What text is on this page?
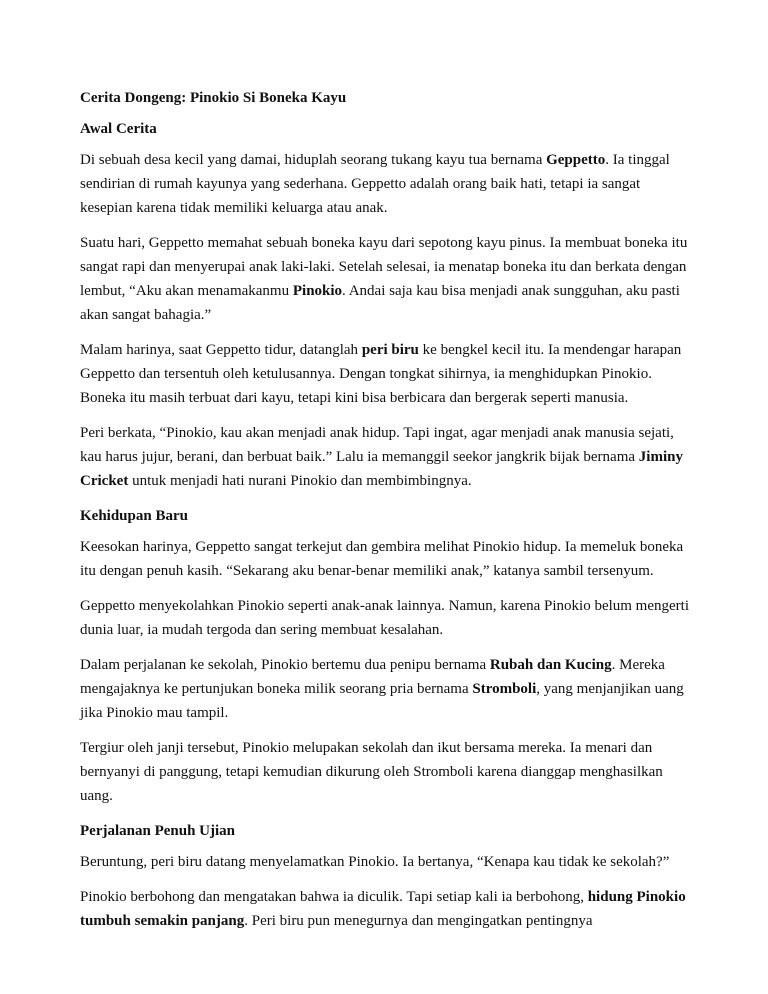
Cerita Dongeng: Pinokio Si Boneka Kayu
Awal Cerita

Di sebuah desa kecil yang damai, hiduplah seorang tukang kayu tua bernama Geppetto. Ia tinggal sendirian di rumah kayunya yang sederhana. Geppetto adalah orang baik hati, tetapi ia sangat kesepian karena tidak memiliki keluarga atau anak.

Suatu hari, Geppetto memahat sebuah boneka kayu dari sepotong kayu pinus. Ia membuat boneka itu sangat rapi dan menyerupai anak laki-laki. Setelah selesai, ia menatap boneka itu dan berkata dengan lembut, “Aku akan menamakanmu Pinokio. Andai saja kau bisa menjadi anak sungguhan, aku pasti akan sangat bahagia.”

Malam harinya, saat Geppetto tidur, datanglah peri biru ke bengkel kecil itu. Ia mendengar harapan Geppetto dan tersentuh oleh ketulusannya. Dengan tongkat sihirnya, ia menghidupkan Pinokio. Boneka itu masih terbuat dari kayu, tetapi kini bisa berbicara dan bergerak seperti manusia.

Peri berkata, “Pinokio, kau akan menjadi anak hidup. Tapi ingat, agar menjadi anak manusia sejati, kau harus jujur, berani, dan berbuat baik.” Lalu ia memanggil seekor jangkrik bijak bernama Jiminy Cricket untuk menjadi hati nurani Pinokio dan membimbingnya.

Kehidupan Baru

Keesokan harinya, Geppetto sangat terkejut dan gembira melihat Pinokio hidup. Ia memeluk boneka itu dengan penuh kasih. “Sekarang aku benar-benar memiliki anak,” katanya sambil tersenyum.

Geppetto menyekolahkan Pinokio seperti anak-anak lainnya. Namun, karena Pinokio belum mengerti dunia luar, ia mudah tergoda dan sering membuat kesalahan.

Dalam perjalanan ke sekolah, Pinokio bertemu dua penipu bernama Rubah dan Kucing. Mereka mengajaknya ke pertunjukan boneka milik seorang pria bernama Stromboli, yang menjanjikan uang jika Pinokio mau tampil.

Tergiur oleh janji tersebut, Pinokio melupakan sekolah dan ikut bersama mereka. Ia menari dan bernyanyi di panggung, tetapi kemudian dikurung oleh Stromboli karena dianggap menghasilkan uang.

Perjalanan Penuh Ujian

Beruntung, peri biru datang menyelamatkan Pinokio. Ia bertanya, “Kenapa kau tidak ke sekolah?”

Pinokio berbohong dan mengatakan bahwa ia diculik. Tapi setiap kali ia berbohong, hidung Pinokio tumbuh semakin panjang. Peri biru pun menegurnya dan mengingatkan pentingnya
